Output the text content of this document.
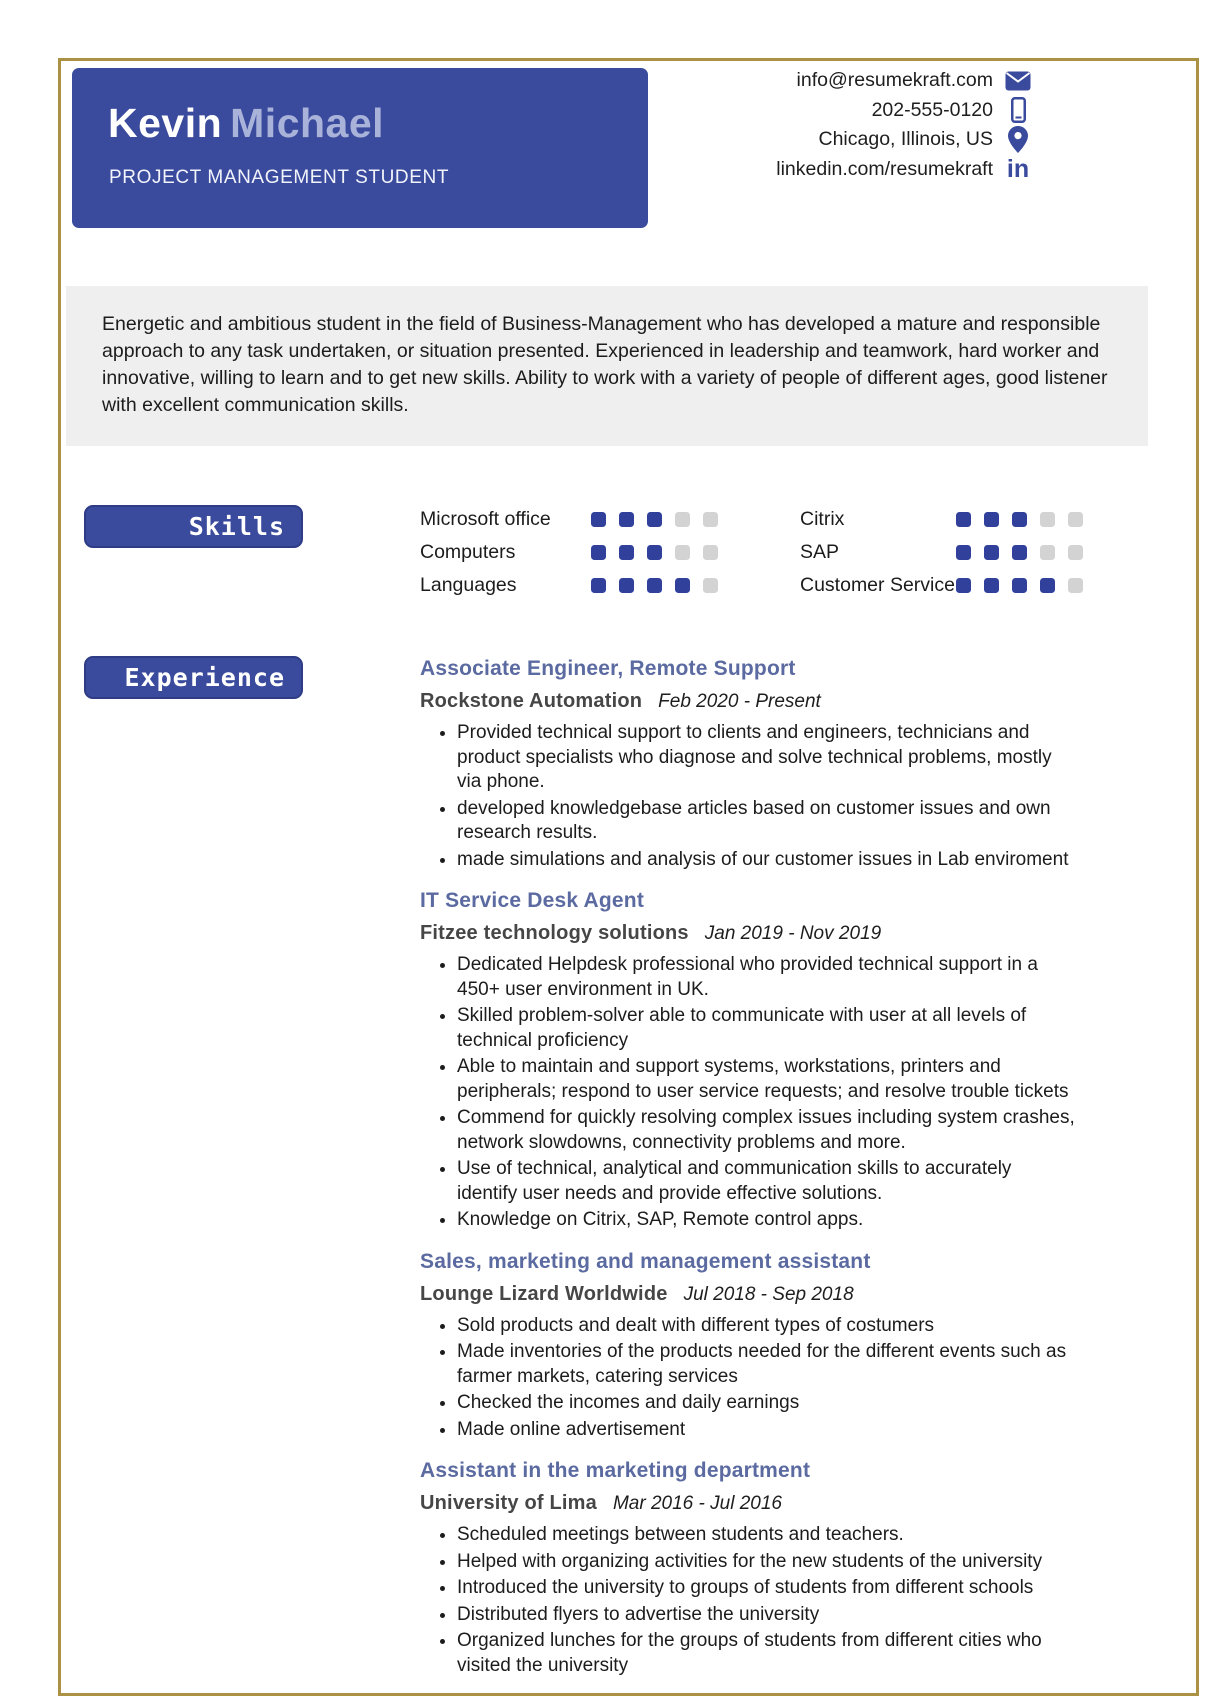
Kevin Michael
PROJECT MANAGEMENT STUDENT
info@resumekraft.com
202-555-0120
Chicago, Illinois, US
linkedin.com/resumekraft in

Energetic and ambitious student in the field of Business-Management who has developed a mature and responsible approach to any task undertaken, or situation presented. Experienced in leadership and teamwork, hard worker and innovative, willing to learn and to get new skills. Ability to work with a variety of people of different ages, good listener with excellent communication skills.

Skills	Microsoft office
Computers
Languages
Citrix
SAP
Customer Service
Experience	Associate Engineer, Remote Support
Rockstone Automation Feb 2020 - Present
• Provided technical support to clients and engineers, technicians and product specialists who diagnose and solve technical problems, mostly via phone.
• developed knowledgebase articles based on customer issues and own research results.
• made simulations and analysis of our customer issues in Lab enviroment
IT Service Desk Agent
Fitzee technology solutions Jan 2019 - Nov 2019
• Dedicated Helpdesk professional who provided technical support in a 450+ user environment in UK.
• Skilled problem-solver able to communicate with user at all levels of technical proficiency
• Able to maintain and support systems, workstations, printers and peripherals; respond to user service requests; and resolve trouble tickets
• Commend for quickly resolving complex issues including system crashes, network slowdowns, connectivity problems and more.
• Use of technical, analytical and communication skills to accurately identify user needs and provide effective solutions.
• Knowledge on Citrix, SAP, Remote control apps.
Sales, marketing and management assistant
Lounge Lizard Worldwide Jul 2018 - Sep 2018
• Sold products and dealt with different types of costumers
• Made inventories of the products needed for the different events such as farmer markets, catering services
• Checked the incomes and daily earnings
• Made online advertisement
Assistant in the marketing department
University of Lima Mar 2016 - Jul 2016
• Scheduled meetings between students and teachers.
• Helped with organizing activities for the new students of the university
• Introduced the university to groups of students from different schools
• Distributed flyers to advertise the university
• Organized lunches for the groups of students from different cities who visited the university
